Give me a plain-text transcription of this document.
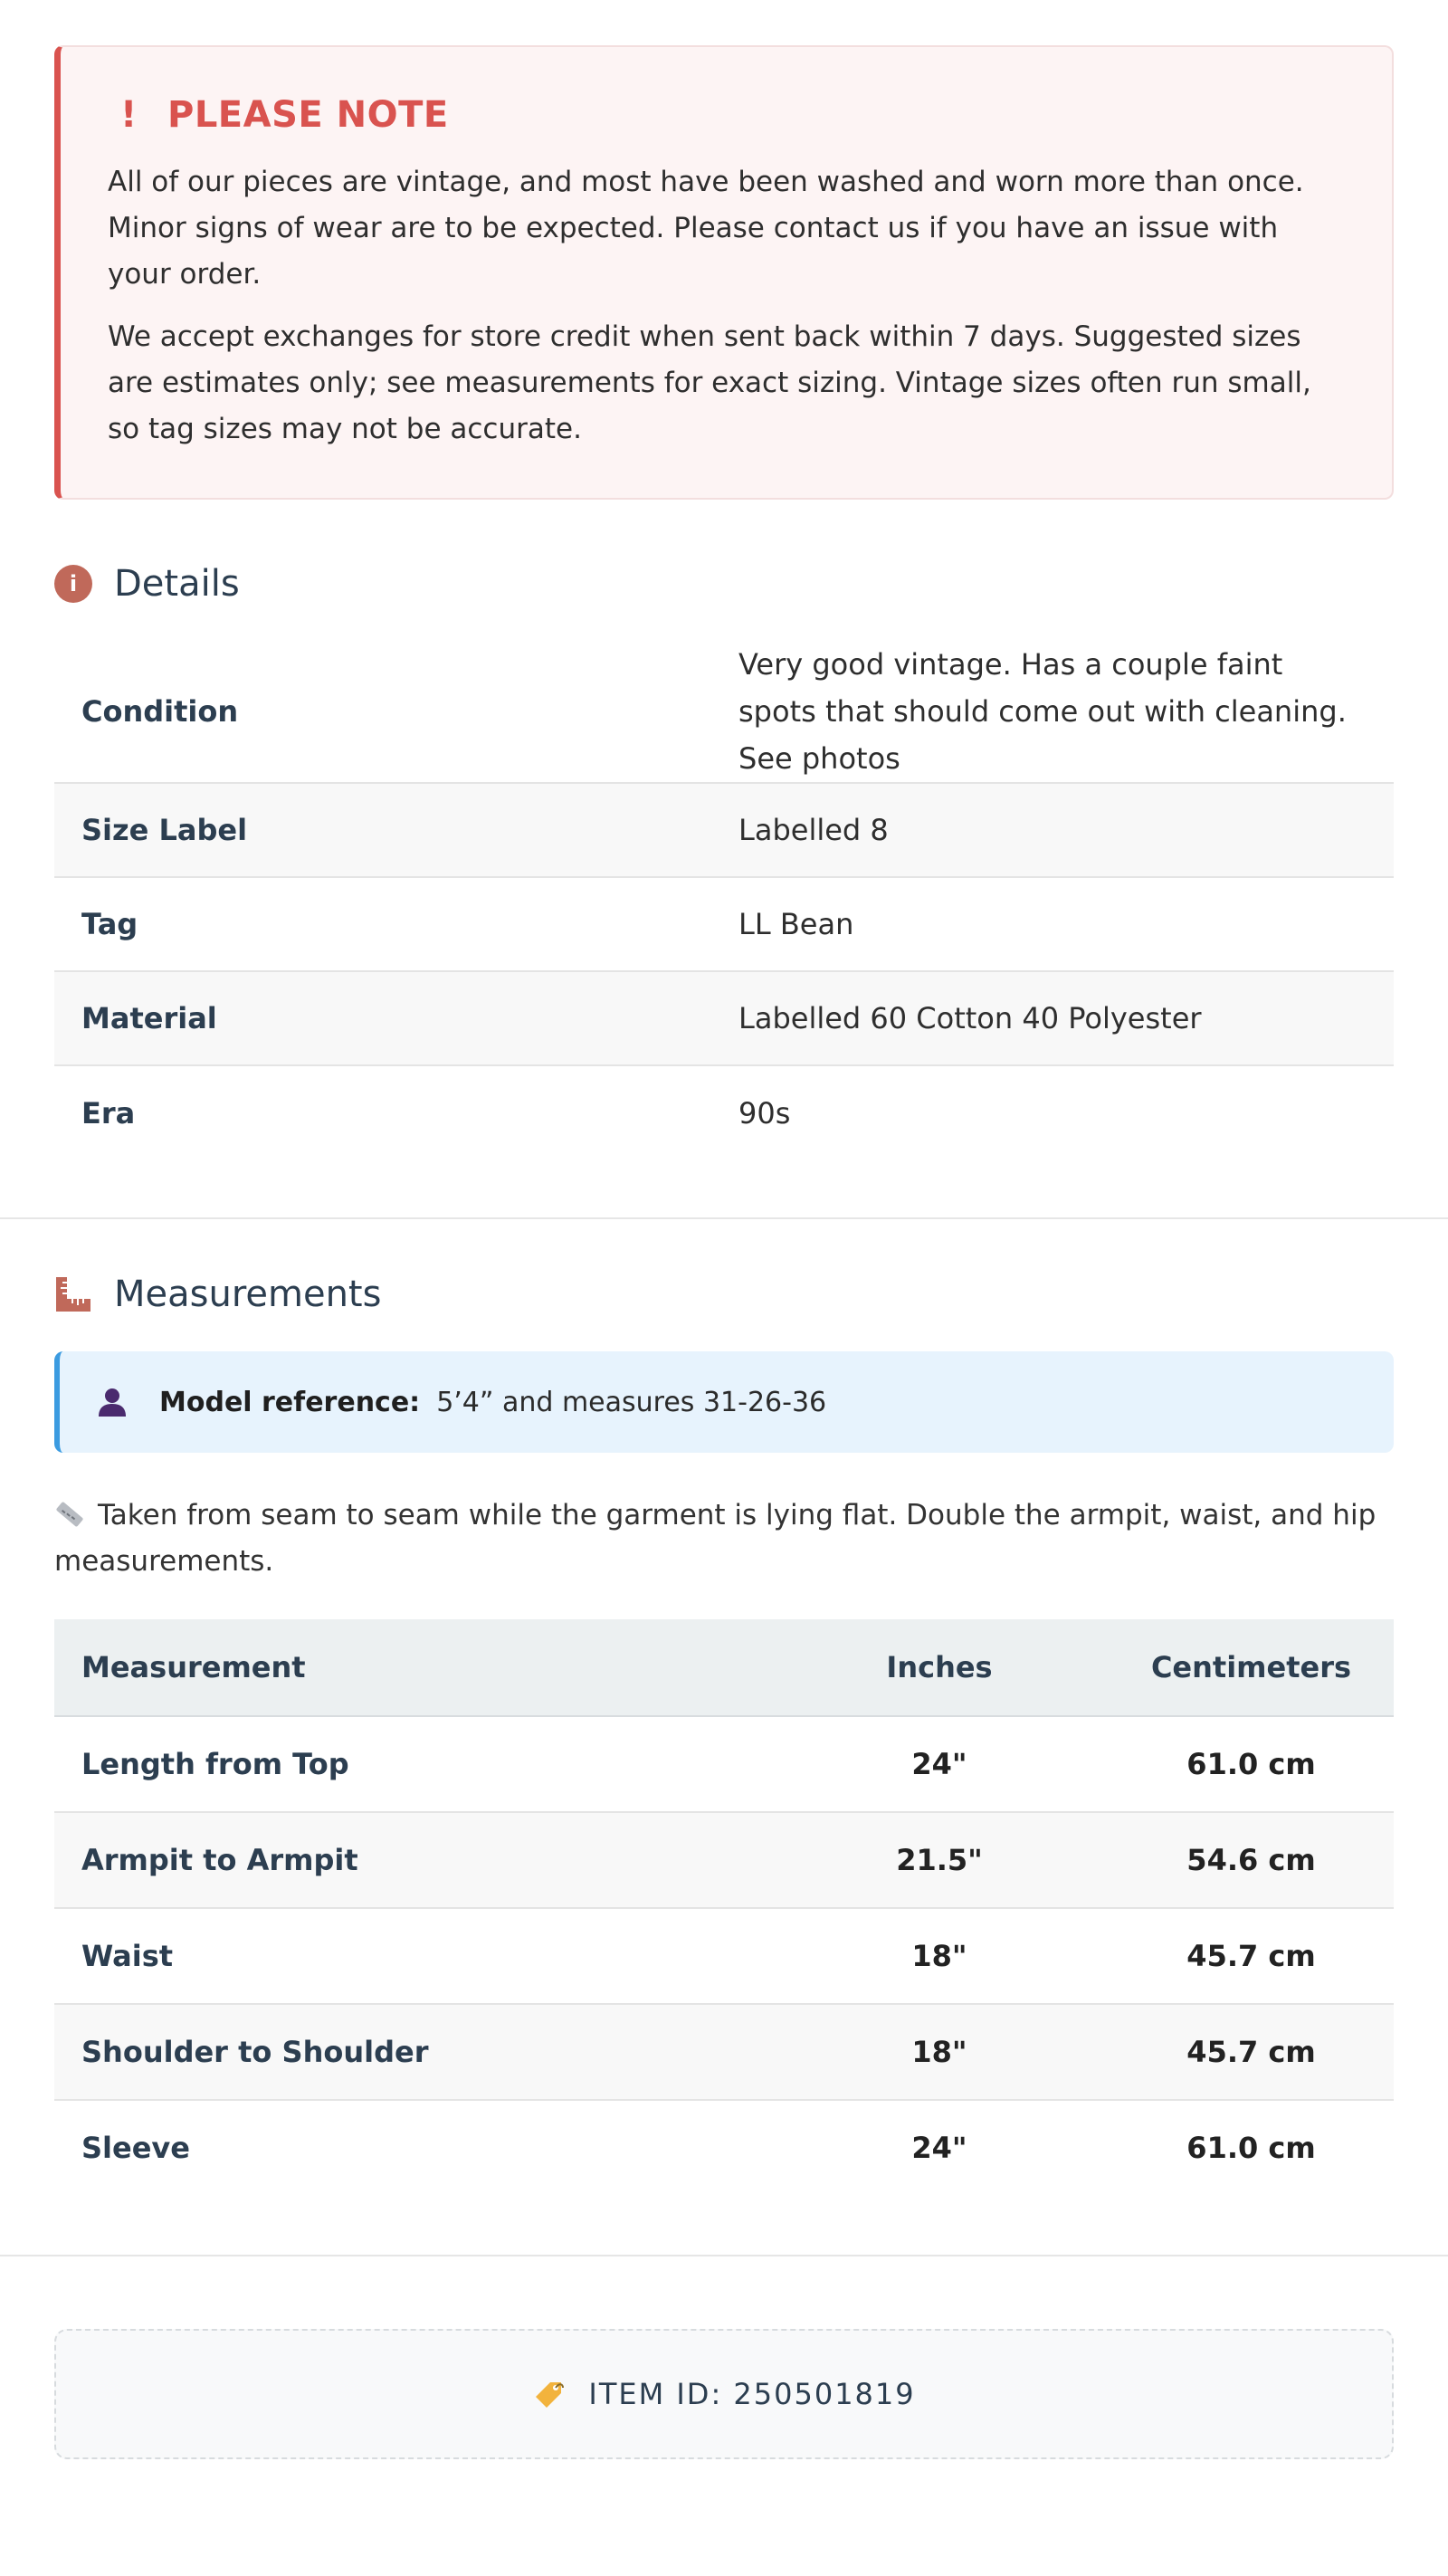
! PLEASE NOTE

All of our pieces are vintage, and most have been washed and worn more than once. Minor signs of wear are to be expected. Please contact us if you have an issue with your order.

We accept exchanges for store credit when sent back within 7 days. Suggested sizes are estimates only; see measurements for exact sizing. Vintage sizes often run small, so tag sizes may not be accurate.

i	Details
Condition	Very good vintage. Has a couple faint spots that should come out with cleaning. See photos
Size Label	Labelled 8
Tag	LL Bean
Material	Labelled 60 Cotton 40 Polyester
Era	90s
Measurements
Model reference: 5’4” and measures 31-26-36
Taken from seam to seam while the garment is lying flat. Double the armpit, waist, and hip measurements.
Measurement	Inches	Centimeters
Length from Top	24"	61.0 cm
Armpit to Armpit	21.5"	54.6 cm
Waist	18"	45.7 cm
Shoulder to Shoulder	18"	45.7 cm
Sleeve	24"	61.0 cm
ITEM ID: 250501819
